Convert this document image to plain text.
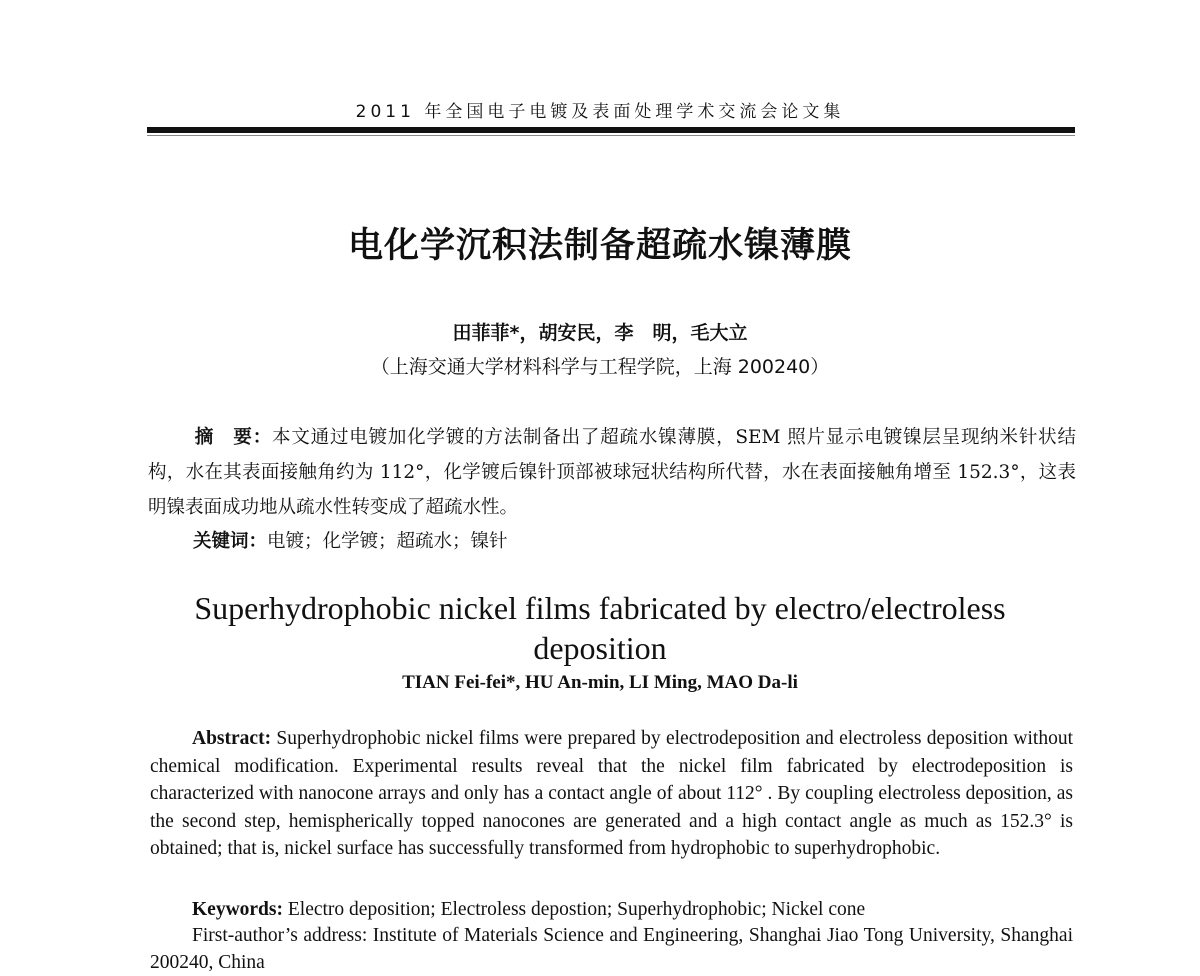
2011 年全国电子电镀及表面处理学术交流会论文集
电化学沉积法制备超疏水镍薄膜
田菲菲*，胡安民，李　明，毛大立
（上海交通大学材料科学与工程学院，上海 200240）
摘　要：本文通过电镀加化学镀的方法制备出了超疏水镍薄膜，SEM 照片显示电镀镍层呈现纳米针状结构，水在其表面接触角约为 112°，化学镀后镍针顶部被球冠状结构所代替，水在表面接触角增至 152.3°，这表明镍表面成功地从疏水性转变成了超疏水性。
关键词：电镀；化学镀；超疏水；镍针
Superhydrophobic nickel films fabricated by electro/electroless
deposition
TIAN Fei-fei*, HU An-min, LI Ming, MAO Da-li
Abstract: Superhydrophobic nickel films were prepared by electrodeposition and electroless deposition without chemical modification. Experimental results reveal that the nickel film fabricated by electrodeposition is characterized with nanocone arrays and only has a contact angle of about 112° . By coupling electroless deposition, as the second step, hemispherically topped nanocones are generated and a high contact angle as much as 152.3° is obtained; that is, nickel surface has successfully transformed from hydrophobic to superhydrophobic.
Keywords: Electro deposition; Electroless depostion; Superhydrophobic; Nickel cone
First-author’s address: Institute of Materials Science and Engineering, Shanghai Jiao Tong University, Shanghai 200240, China
